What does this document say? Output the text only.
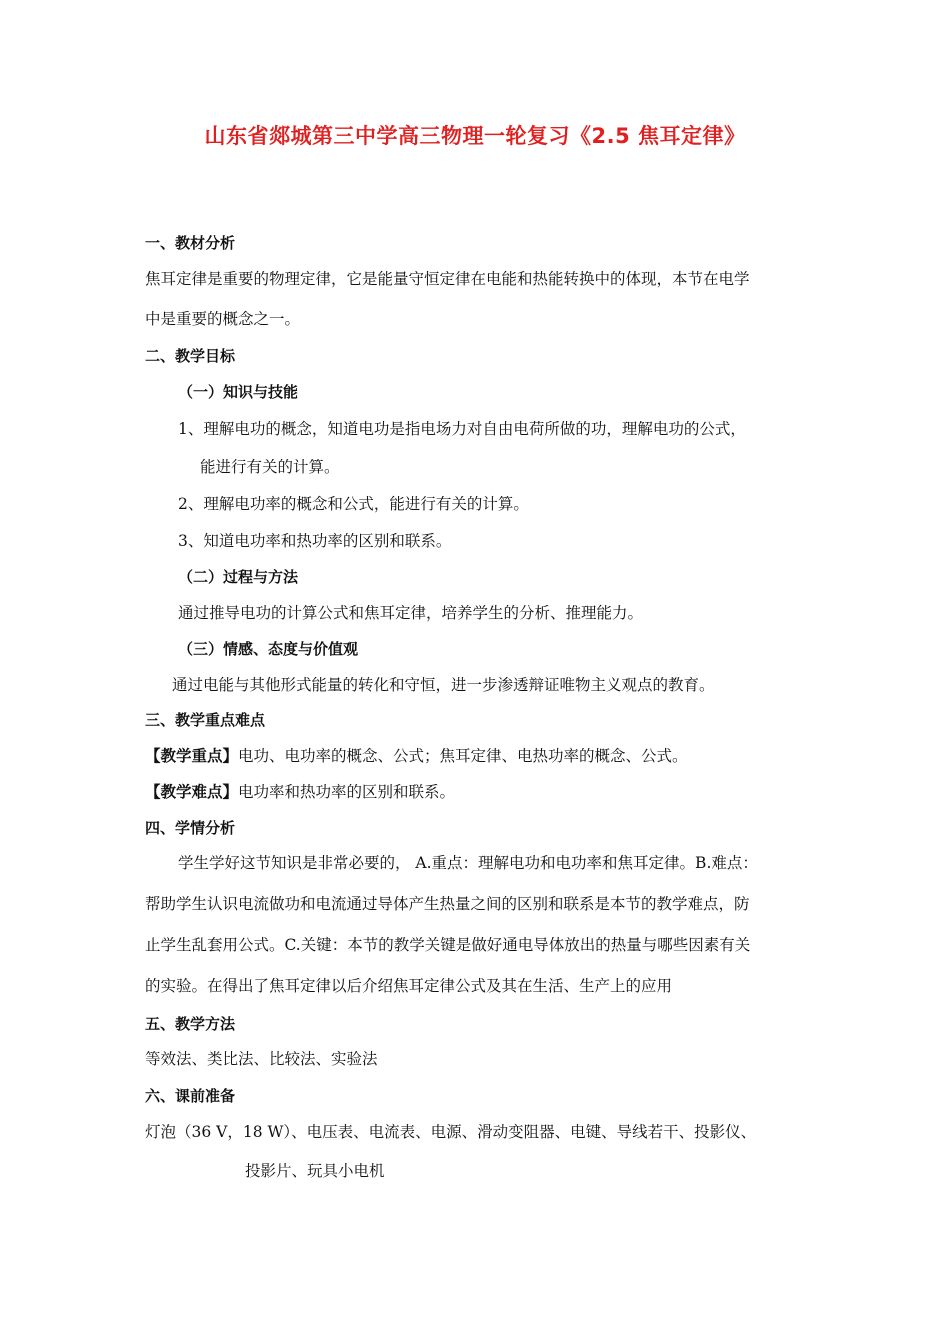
山东省郯城第三中学高三物理一轮复习《2.5 焦耳定律》
一、教材分析
焦耳定律是重要的物理定律，它是能量守恒定律在电能和热能转换中的体现，本节在电学
中是重要的概念之一。
二、教学目标
（一）知识与技能
1、理解电功的概念，知道电功是指电场力对自由电荷所做的功，理解电功的公式，
能进行有关的计算。
2、理解电功率的概念和公式，能进行有关的计算。
3、知道电功率和热功率的区别和联系。
（二）过程与方法
通过推导电功的计算公式和焦耳定律，培养学生的分析、推理能力。
（三）情感、态度与价值观
通过电能与其他形式能量的转化和守恒，进一步渗透辩证唯物主义观点的教育。
三、教学重点难点
【教学重点】电功、电功率的概念、公式；焦耳定律、电热功率的概念、公式。
【教学难点】电功率和热功率的区别和联系。
四、学情分析
学生学好这节知识是非常必要的， A.重点：理解电功和电功率和焦耳定律。B.难点：
帮助学生认识电流做功和电流通过导体产生热量之间的区别和联系是本节的教学难点，防
止学生乱套用公式。C.关键：本节的教学关键是做好通电导体放出的热量与哪些因素有关
的实验。在得出了焦耳定律以后介绍焦耳定律公式及其在生活、生产上的应用
五、教学方法
等效法、类比法、比较法、实验法
六、课前准备
灯泡（36 V，18 W）、电压表、电流表、电源、滑动变阻器、电键、导线若干、投影仪、
投影片、玩具小电机
